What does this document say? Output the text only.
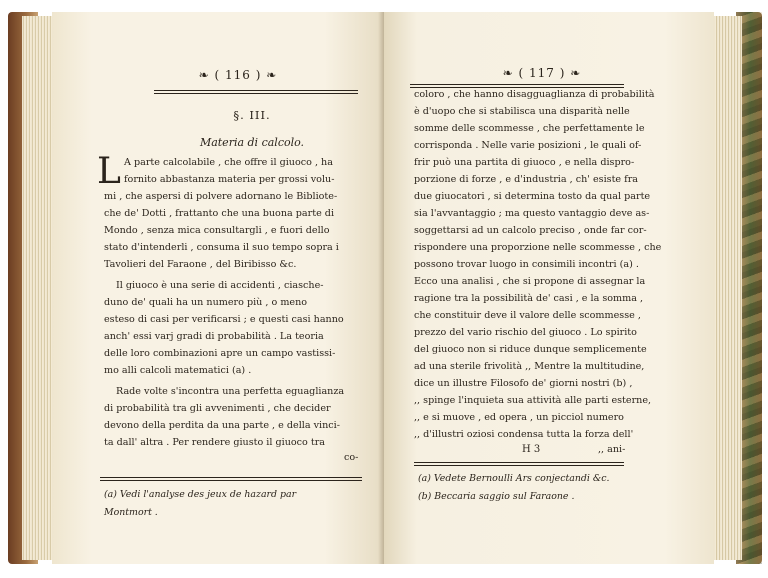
❧ ( 116 ) ❧
§. III.
Materia di calcolo.
L A parte calcolabile , che offre il giuoco , ha
fornito abbastanza materia per grossi volu-
mi , che aspersi di polvere adornano le Bibliote-
che de' Dotti , frattanto che una buona parte di
Mondo , senza mica consultargli , e fuori dello
stato d'intenderli , consuma il suo tempo sopra i
Tavolieri del Faraone , del Biribisso &c.
Il giuoco è una serie di accidenti , ciasche-
duno de' quali ha un numero più , o meno
esteso di casi per verificarsi ; e questi casi hanno
anch' essi varj gradi di probabilità . La teoria
delle loro combinazioni apre un campo vastissi-
mo alli calcoli matematici (a) .
Rade volte s'incontra una perfetta eguaglianza
di probabilità tra gli avvenimenti , che decider
devono della perdita da una parte , e della vinci-
ta dall' altra . Per rendere giusto il giuoco tra
co-
(a) Vedi l'analyse des jeux de hazard par
Montmort .
❧ ( 117 ) ❧
coloro , che hanno disagguaglianza di probabilità
è d'uopo che si stabilisca una disparità nelle
somme delle scommesse , che perfettamente le
corrisponda . Nelle varie posizioni , le quali of-
frir può una partita di giuoco , e nella dispro-
porzione di forze , e d'industria , ch' esiste fra
due giuocatori , si determina tosto da qual parte
sia l'avvantaggio ; ma questo vantaggio deve as-
soggettarsi ad un calcolo preciso , onde far cor-
rispondere una proporzione nelle scommesse , che
possono trovar luogo in consimili incontri (a) .
Ecco una analisi , che si propone di assegnar la
ragione tra la possibilità de' casi , e la somma ,
che constituir deve il valore delle scommesse ,
prezzo del vario rischio del giuoco . Lo spirito
del giuoco non si riduce dunque semplicemente
ad una sterile frivolità ,, Mentre la multitudine,
dice un illustre Filosofo de' giorni nostri (b) ,
,, spinge l'inquieta sua attività alle parti esterne,
,, e si muove , ed opera , un picciol numero
,, d'illustri oziosi condensa tutta la forza dell'
H 3	,, ani-
(a) Vedete Bernoulli Ars conjectandi &c.
(b) Beccaria saggio sul Faraone .
